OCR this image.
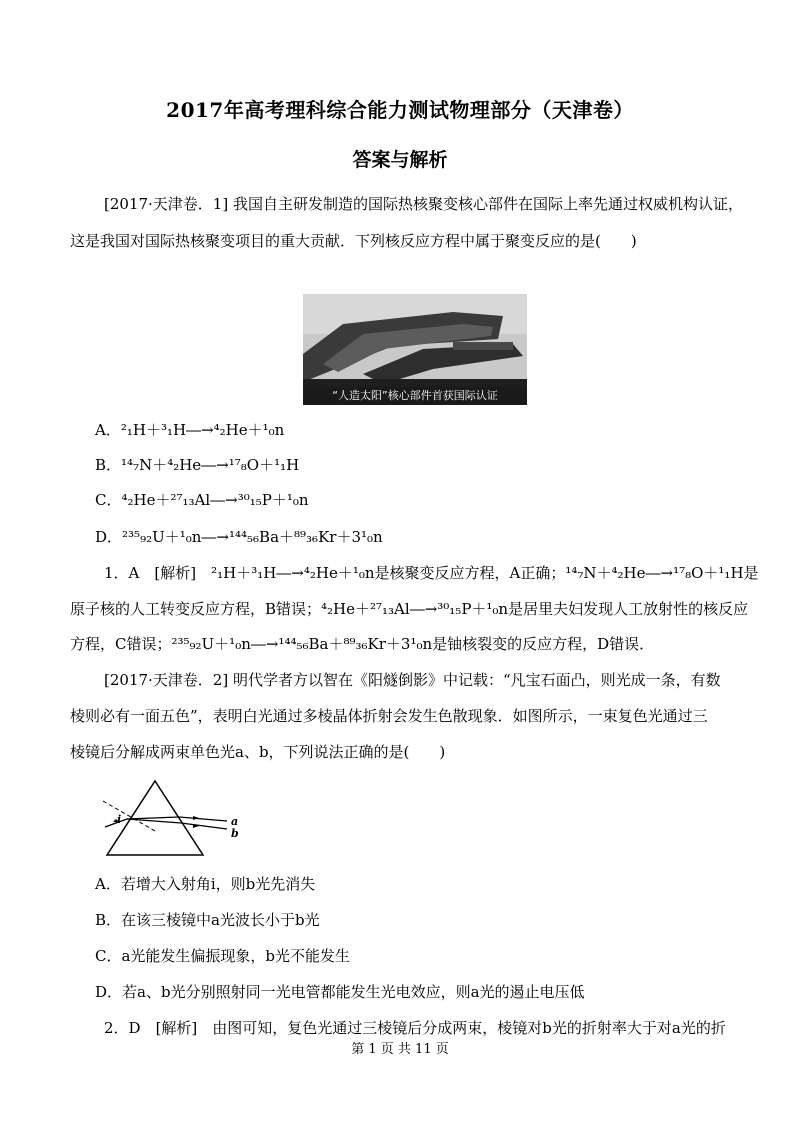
2017年高考理科综合能力测试物理部分（天津卷）
答案与解析
[2017·天津卷．1] 我国自主研发制造的国际热核聚变核心部件在国际上率先通过权威机构认证，
这是我国对国际热核聚变项目的重大贡献．下列核反应方程中属于聚变反应的是(　　)
“人造太阳”核心部件首获国际认证
A．²₁H＋³₁H―→⁴₂He＋¹₀n
B．¹⁴₇N＋⁴₂He―→¹⁷₈O＋¹₁H
C．⁴₂He＋²⁷₁₃Al―→³⁰₁₅P＋¹₀n
D．²³⁵₉₂U＋¹₀n―→¹⁴⁴₅₆Ba＋⁸⁹₃₆Kr＋3¹₀n
1．A　[解析]　²₁H＋³₁H―→⁴₂He＋¹₀n是核聚变反应方程，A正确；¹⁴₇N＋⁴₂He―→¹⁷₈O＋¹₁H是
原子核的人工转变反应方程，B错误；⁴₂He＋²⁷₁₃Al―→³⁰₁₅P＋¹₀n是居里夫妇发现人工放射性的核反应
方程，C错误；²³⁵₉₂U＋¹₀n―→¹⁴⁴₅₆Ba＋⁸⁹₃₆Kr＋3¹₀n是铀核裂变的反应方程，D错误．
[2017·天津卷．2] 明代学者方以智在《阳燧倒影》中记载：“凡宝石面凸，则光成一条，有数
棱则必有一面五色”，表明白光通过多棱晶体折射会发生色散现象．如图所示，一束复色光通过三
棱镜后分解成两束单色光a、b，下列说法正确的是(　　)
i	a
b
A．若增大入射角i，则b光先消失
B．在该三棱镜中a光波长小于b光
C．a光能发生偏振现象，b光不能发生
D．若a、b光分别照射同一光电管都能发生光电效应，则a光的遏止电压低
2．D　[解析]　由图可知，复色光通过三棱镜后分成两束，棱镜对b光的折射率大于对a光的折
第 1 页 共 11 页
